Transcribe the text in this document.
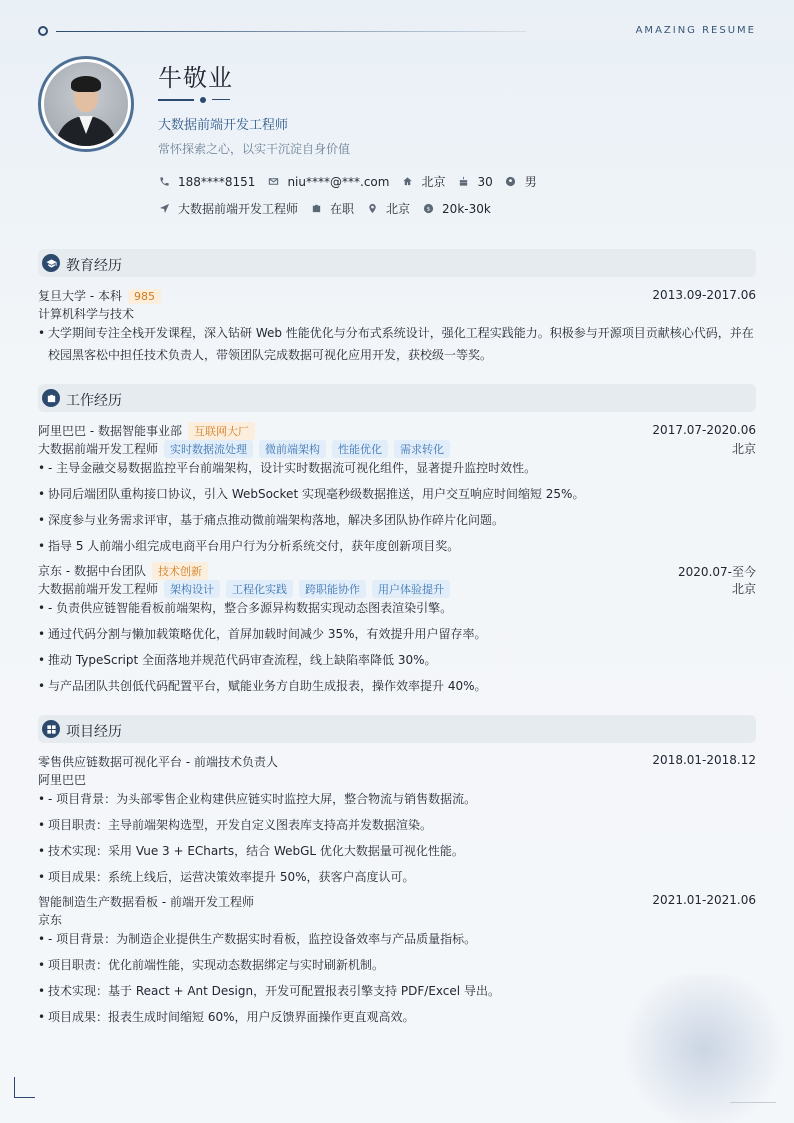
AMAZING RESUME
牛敬业
大数据前端开发工程师
常怀探索之心，以实干沉淀自身价值
188****8151	niu****@***.com	北京	30	男
大数据前端开发工程师	在职	北京 $ 20k-30k
教育经历
复旦大学 - 本科 985	2013.09-2017.06
计算机科学与技术
• 大学期间专注全栈开发课程，深入钻研 Web 性能优化与分布式系统设计，强化工程实践能力。积极参与开源项目贡献核心代码，并在校园黑客松中担任技术负责人，带领团队完成数据可视化应用开发，获校级一等奖。
工作经历
阿里巴巴 - 数据智能事业部 互联网大厂	2017.07-2020.06
大数据前端开发工程师 实时数据流处理 微前端架构 性能优化 需求转化	北京
• - 主导金融交易数据监控平台前端架构，设计实时数据流可视化组件，显著提升监控时效性。
• 协同后端团队重构接口协议，引入 WebSocket 实现毫秒级数据推送，用户交互响应时间缩短 25%。
• 深度参与业务需求评审，基于痛点推动微前端架构落地，解决多团队协作碎片化问题。
• 指导 5 人前端小组完成电商平台用户行为分析系统交付，获年度创新项目奖。
京东 - 数据中台团队 技术创新	2020.07-至今
大数据前端开发工程师 架构设计 工程化实践 跨职能协作 用户体验提升	北京
• - 负责供应链智能看板前端架构，整合多源异构数据实现动态图表渲染引擎。
• 通过代码分割与懒加载策略优化，首屏加载时间减少 35%，有效提升用户留存率。
• 推动 TypeScript 全面落地并规范代码审查流程，线上缺陷率降低 30%。
• 与产品团队共创低代码配置平台，赋能业务方自助生成报表，操作效率提升 40%。
项目经历
零售供应链数据可视化平台 - 前端技术负责人	2018.01-2018.12
阿里巴巴
• - 项目背景：为头部零售企业构建供应链实时监控大屏，整合物流与销售数据流。
• 项目职责：主导前端架构选型，开发自定义图表库支持高并发数据渲染。
• 技术实现：采用 Vue 3 + ECharts，结合 WebGL 优化大数据量可视化性能。
• 项目成果：系统上线后，运营决策效率提升 50%，获客户高度认可。
智能制造生产数据看板 - 前端开发工程师	2021.01-2021.06
京东
• - 项目背景：为制造企业提供生产数据实时看板，监控设备效率与产品质量指标。
• 项目职责：优化前端性能，实现动态数据绑定与实时刷新机制。
• 技术实现：基于 React + Ant Design，开发可配置报表引擎支持 PDF/Excel 导出。
• 项目成果：报表生成时间缩短 60%，用户反馈界面操作更直观高效。
